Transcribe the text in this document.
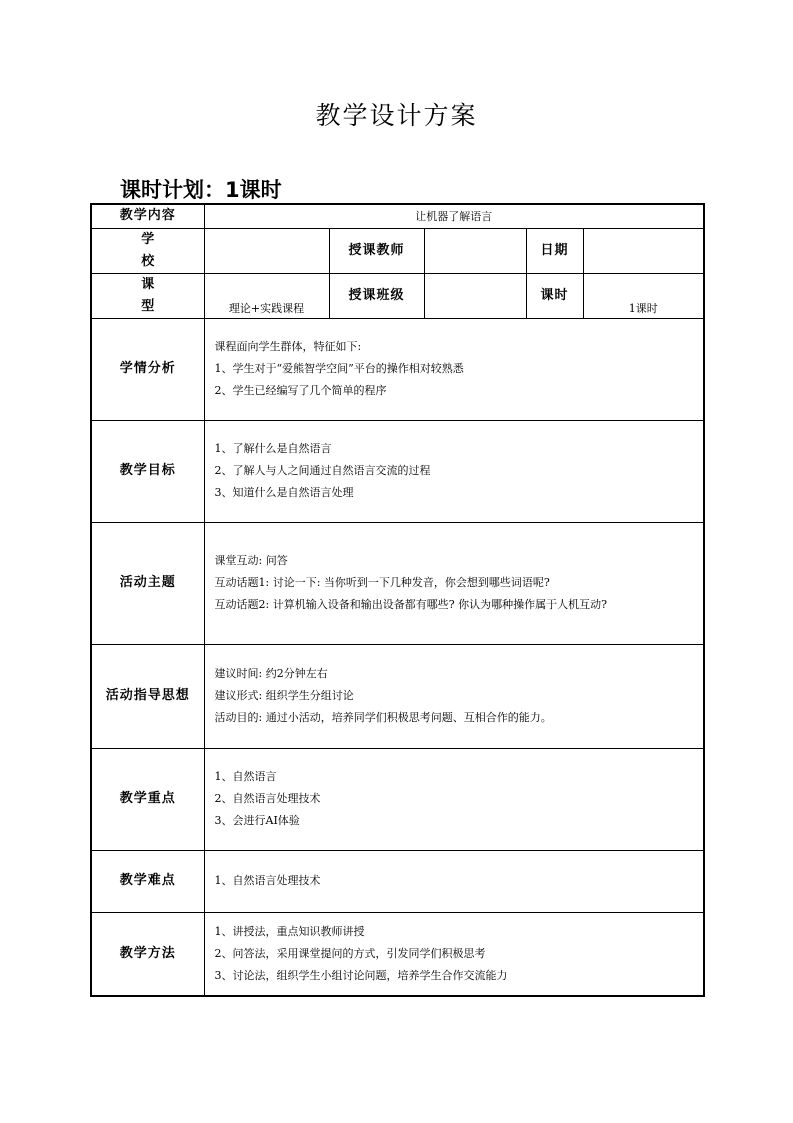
教学设计方案
课时计划：1课时
教学内容	让机器了解语言				
学校		授课教师		日期	
课型	理论+实践课程	授课班级		课时	1课时
学情分析	课程面向学生群体，特征如下:

1、学生对于“爱熊智学空间”平台的操作相对较熟悉

2、学生已经编写了几个简单的程序				

教学目标	1、了解什么是自然语言

2、了解人与人之间通过自然语言交流的过程

3、知道什么是自然语言处理				

活动主题	课堂互动: 问答

互动话题1: 讨论一下: 当你听到一下几种发音，你会想到哪些词语呢?

互动话题2: 计算机输入设备和输出设备都有哪些? 你认为哪种操作属于人机互动?				

活动指导思想	建议时间: 约2分钟左右

建议形式: 组织学生分组讨论

活动目的: 通过小活动，培养同学们积极思考问题、互相合作的能力。				

教学重点	1、自然语言

2、自然语言处理技术

3、会进行AI体验				

教学难点	1、自然语言处理技术				

教学方法	1、讲授法，重点知识教师讲授

2、问答法，采用课堂提问的方式，引发同学们积极思考

3、讨论法，组织学生小组讨论问题，培养学生合作交流能力				
